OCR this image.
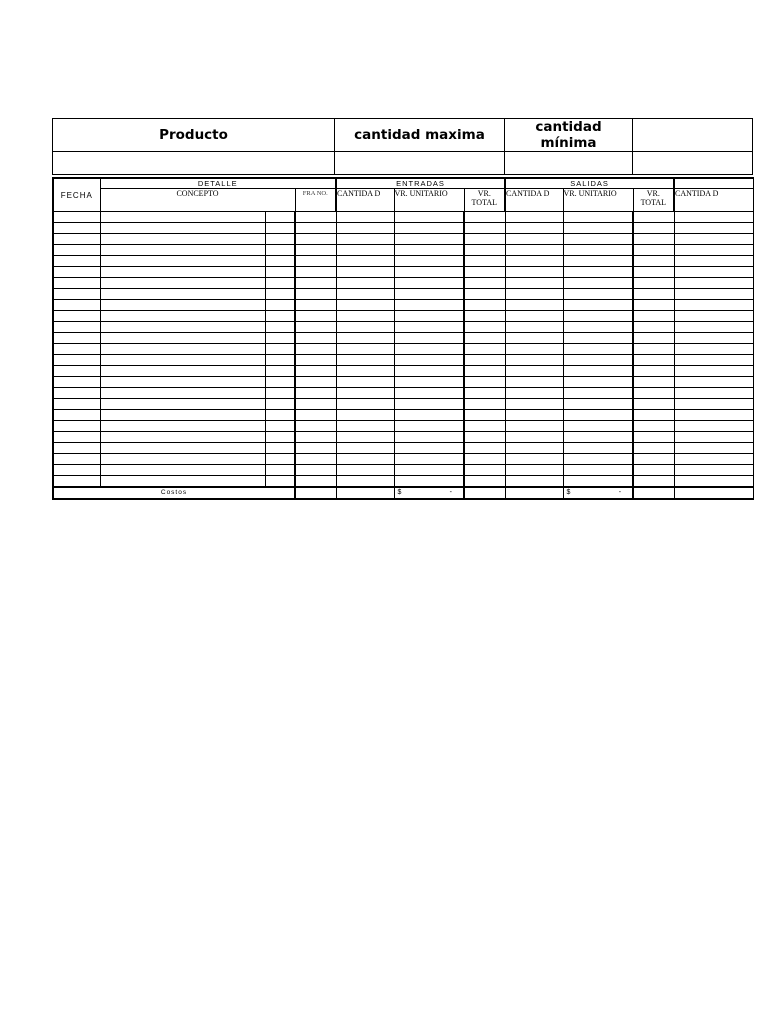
Producto	cantidad maxima	cantidad mínima	

FECHA	DETALLE			ENTRADAS			SALIDAS			
	CONCEPTO		FRA NO.	CANTIDA D	VR. UNITARIO	VR. TOTAL	CANTIDA D	VR. UNITARIO	VR. TOTAL	CANTIDA D

Costos					$ -			$ -		
